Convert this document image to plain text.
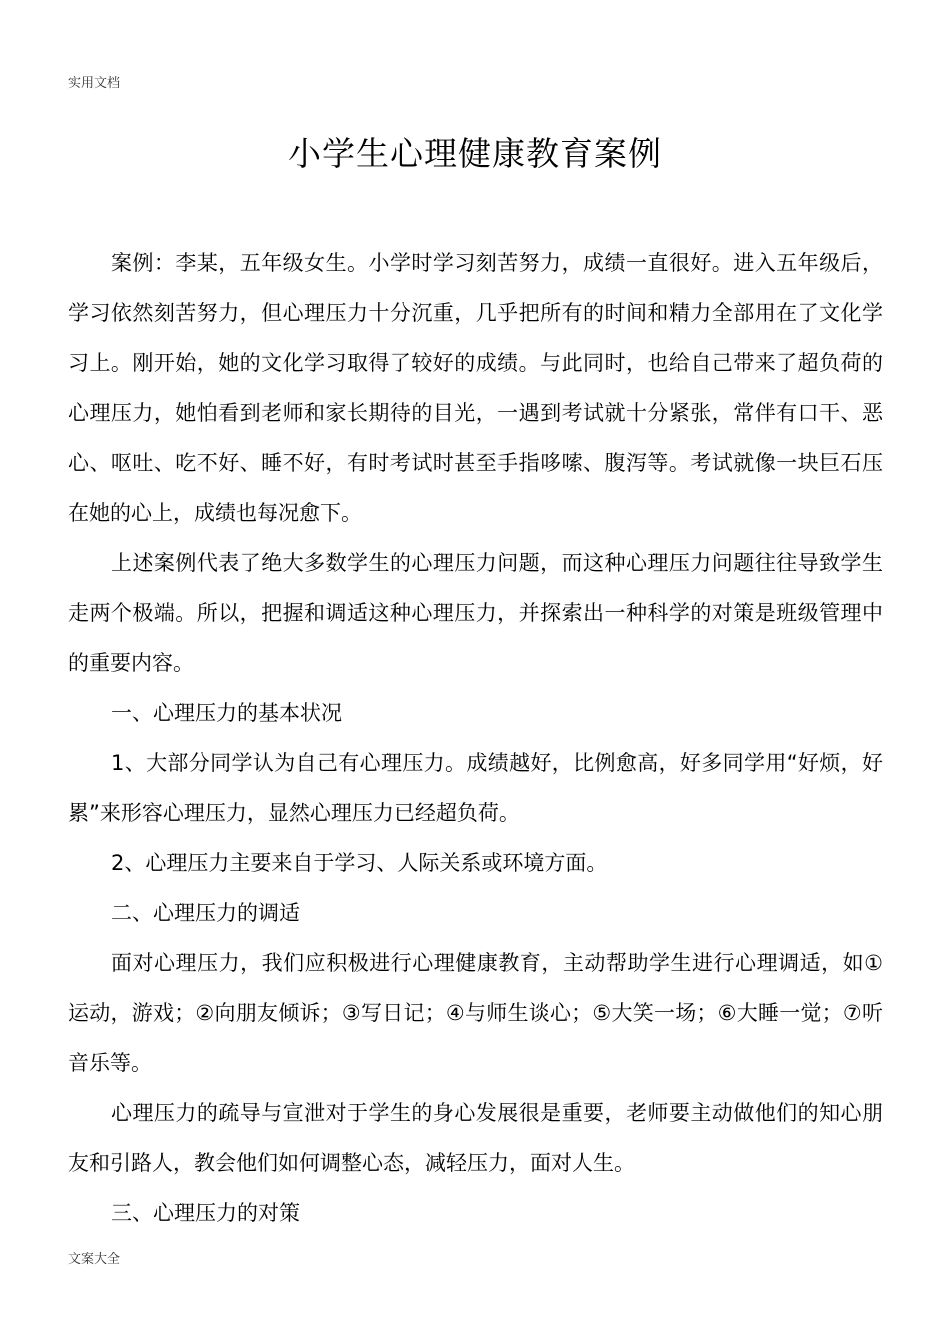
实用文档
小学生心理健康教育案例

案例：李某，五年级女生。小学时学习刻苦努力，成绩一直很好。进入五年级后，学习依然刻苦努力，但心理压力十分沉重，几乎把所有的时间和精力全部用在了文化学习上。刚开始，她的文化学习取得了较好的成绩。与此同时，也给自己带来了超负荷的心理压力，她怕看到老师和家长期待的目光，一遇到考试就十分紧张，常伴有口干、恶心、呕吐、吃不好、睡不好，有时考试时甚至手指哆嗦、腹泻等。考试就像一块巨石压在她的心上，成绩也每况愈下。

上述案例代表了绝大多数学生的心理压力问题，而这种心理压力问题往往导致学生走两个极端。所以，把握和调适这种心理压力，并探索出一种科学的对策是班级管理中的重要内容。

一、心理压力的基本状况

1、大部分同学认为自己有心理压力。成绩越好，比例愈高，好多同学用“好烦，好累”来形容心理压力，显然心理压力已经超负荷。

2、心理压力主要来自于学习、人际关系或环境方面。

二、心理压力的调适

面对心理压力，我们应积极进行心理健康教育，主动帮助学生进行心理调适，如①运动，游戏；②向朋友倾诉；③写日记；④与师生谈心；⑤大笑一场；⑥大睡一觉；⑦听音乐等。

心理压力的疏导与宣泄对于学生的身心发展很是重要，老师要主动做他们的知心朋友和引路人，教会他们如何调整心态，减轻压力，面对人生。

三、心理压力的对策

文案大全
